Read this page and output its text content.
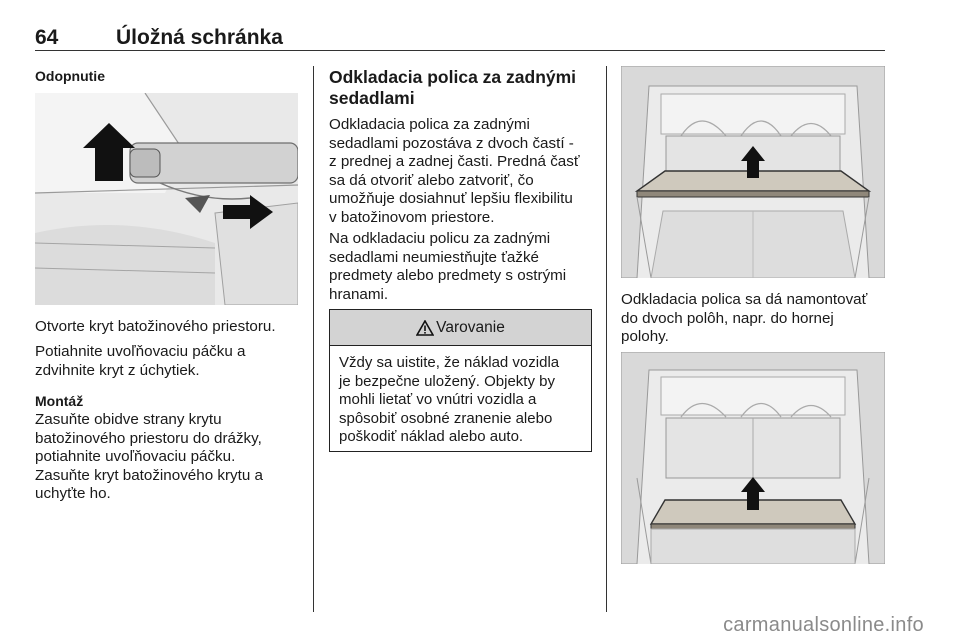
64	Úložná schránka
Odopnutie
Otvorte kryt batožinového priestoru.
Potiahnite uvoľňovaciu páčku a
zdvihnite kryt z úchytiek.
Montáž
Zasuňte obidve strany krytu
batožinového priestoru do drážky,
potiahnite uvoľňovaciu páčku.
Zasuňte kryt batožinového krytu a
uchyťte ho.
Odkladacia polica za zadnými
sedadlami
Odkladacia polica za zadnými
sedadlami pozostáva z dvoch častí -
z prednej a zadnej časti. Predná časť
sa dá otvoriť alebo zatvoriť, čo
umožňuje dosiahnuť lepšiu flexibilitu
v batožinovom priestore.
Na odkladaciu policu za zadnými
sedadlami neumiestňujte ťažké
predmety alebo predmety s ostrými
hranami.
Varovanie
Vždy sa uistite, že náklad vozidla
je bezpečne uložený. Objekty by
mohli lietať vo vnútri vozidla a
spôsobiť osobné zranenie alebo
poškodiť náklad alebo auto.
Odkladacia polica sa dá namontovať
do dvoch polôh, napr. do hornej
polohy.
carmanualsonline.info
